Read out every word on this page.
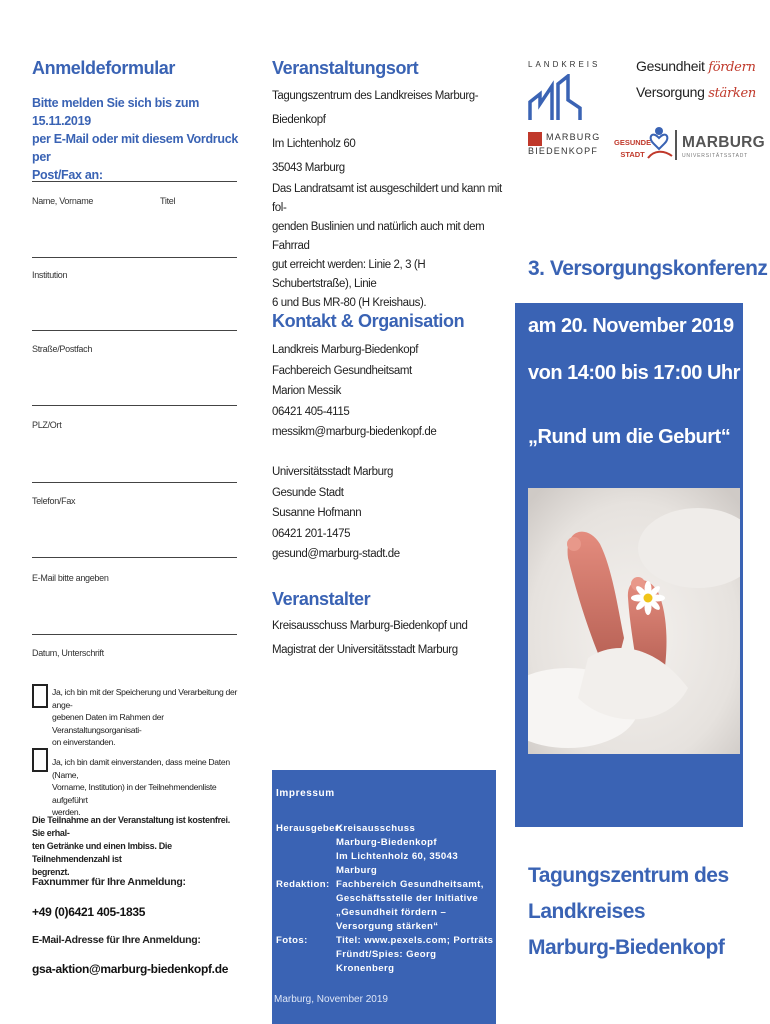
Anmeldeformular
Bitte melden Sie sich bis zum 15.11.2019
per E-Mail oder mit diesem Vordruck per
Post/Fax an:
Name, Vorname	Titel
Institution
Straße/Postfach
PLZ/Ort
Telefon/Fax
E-Mail bitte angeben
Datum, Unterschrift
Ja, ich bin mit der Speicherung und Verarbeitung der ange-
gebenen Daten im Rahmen der Veranstaltungsorganisati-
on einverstanden.
Ja, ich bin damit einverstanden, dass meine Daten (Name,
Vorname, Institution) in der Teilnehmendenliste aufgeführt
werden.
Die Teilnahme an der Veranstaltung ist kostenfrei. Sie erhal-
ten Getränke und einen Imbiss. Die Teilnehmendenzahl ist
begrenzt.
Faxnummer für Ihre Anmeldung:
+49 (0)6421 405-1835
E-Mail-Adresse für Ihre Anmeldung:
gsa-aktion@marburg-biedenkopf.de
Veranstaltungsort
Tagungszentrum des Landkreises Marburg-Biedenkopf
Im Lichtenholz 60
35043 Marburg
Das Landratsamt ist ausgeschildert und kann mit fol-
genden Buslinien und natürlich auch mit dem Fahrrad
gut erreicht werden: Linie 2, 3 (H Schubertstraße), Linie
6 und Bus MR-80 (H Kreishaus).
Kontakt & Organisation
Landkreis Marburg-Biedenkopf
Fachbereich Gesundheitsamt
Marion Messik
06421 405-4115
messikm@marburg-biedenkopf.de
Universitätsstadt Marburg
Gesunde Stadt
Susanne Hofmann
06421 201-1475
gesund@marburg-stadt.de
Veranstalter
Kreisausschuss Marburg-Biedenkopf und
Magistrat der Universitätsstadt Marburg
Impressum
Herausgeber:
Kreisausschuss
Marburg-Biedenkopf
Im Lichtenholz 60, 35043 Marburg
Redaktion: Fachbereich Gesundheitsamt,
Geschäftsstelle der Initiative
„Gesundheit fördern –
Versorgung stärken“
Fotos:	Titel: www.pexels.com; Porträts
Fründt/Spies: Georg Kronenberg
Marburg, November 2019
LANDKREIS
MARBURG
BIEDENKOPF
Gesundheit fördern
Versorgung stärken
GESUNDE
STADT
MARBURG
UNIVERSITÄTSSTADT
3. Versorgungskonferenz
am 20. November 2019
von 14:00 bis 17:00 Uhr
„Rund um die Geburt“
Tagungszentrum des
Landkreises
Marburg-Biedenkopf
